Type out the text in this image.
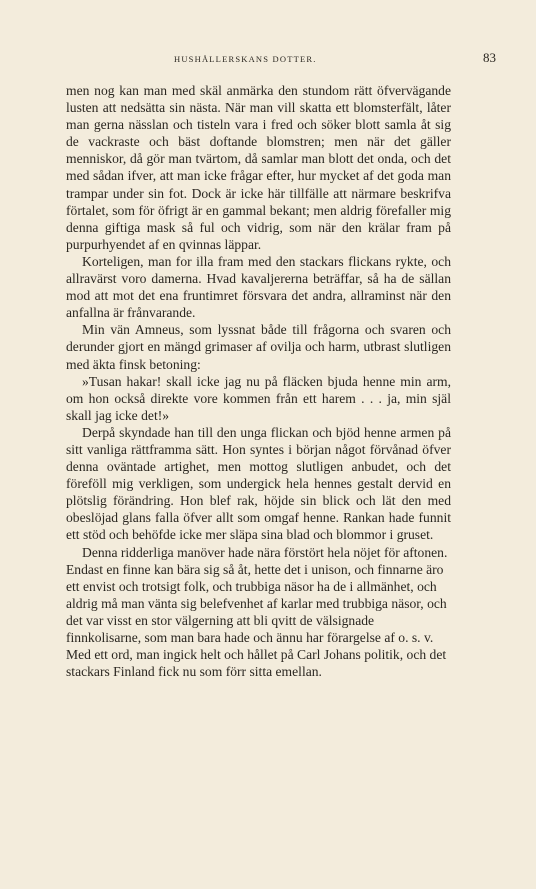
HUSHÅLLERSKANS DOTTER.	83

men nog kan man med skäl anmärka den stundom rätt öfvervägande lusten att nedsätta sin nästa. När man vill skatta ett blomsterfält, låter man gerna nässlan och tisteln vara i fred och söker blott samla åt sig de vackraste och bäst doftande blomstren; men när det gäller menniskor, då gör man tvärtom, då samlar man blott det onda, och det med sådan ifver, att man icke frågar efter, hur mycket af det goda man trampar under sin fot. Dock är icke här tillfälle att närmare beskrifva förtalet, som för öfrigt är en gammal bekant; men aldrig förefaller mig denna giftiga mask så ful och vidrig, som när den krälar fram på purpurhyendet af en qvinnas läppar.

Korteligen, man for illa fram med den stackars flickans rykte, och allravärst voro damerna. Hvad kavaljererna beträffar, så ha de sällan mod att mot det ena fruntimret försvara det andra, allraminst när den anfallna är frånvarande.

Min vän Amneus, som lyssnat både till frågorna och svaren och derunder gjort en mängd grimaser af ovilja och harm, utbrast slutligen med äkta finsk betoning:

»Tusan hakar! skall icke jag nu på fläcken bjuda henne min arm, om hon också direkte vore kommen från ett harem . . . ja, min själ skall jag icke det!»

Derpå skyndade han till den unga flickan och bjöd henne armen på sitt vanliga rättframma sätt. Hon syntes i början något förvånad öfver denna oväntade artighet, men mottog slutligen anbudet, och det föreföll mig verkligen, som undergick hela hennes gestalt dervid en plötslig förändring. Hon blef rak, höjde sin blick och lät den med obeslöjad glans falla öfver allt som omgaf henne. Rankan hade funnit ett stöd och behöfde icke mer släpa sina blad och blommor i gruset.

Denna ridderliga manöver hade nära förstört hela nöjet för aftonen. Endast en finne kan bära sig så åt, hette det i unison, och finnarne äro ett envist och trotsigt folk, och trubbiga näsor ha de i allmänhet, och aldrig må man vänta sig belefvenhet af karlar med trubbiga näsor, och det var visst en stor välgerning att bli qvitt de välsignade finnkolisarne, som man bara hade och ännu har förargelse af o. s. v. Med ett ord, man ingick helt och hållet på Carl Johans politik, och det stackars Finland fick nu som förr sitta emellan.
